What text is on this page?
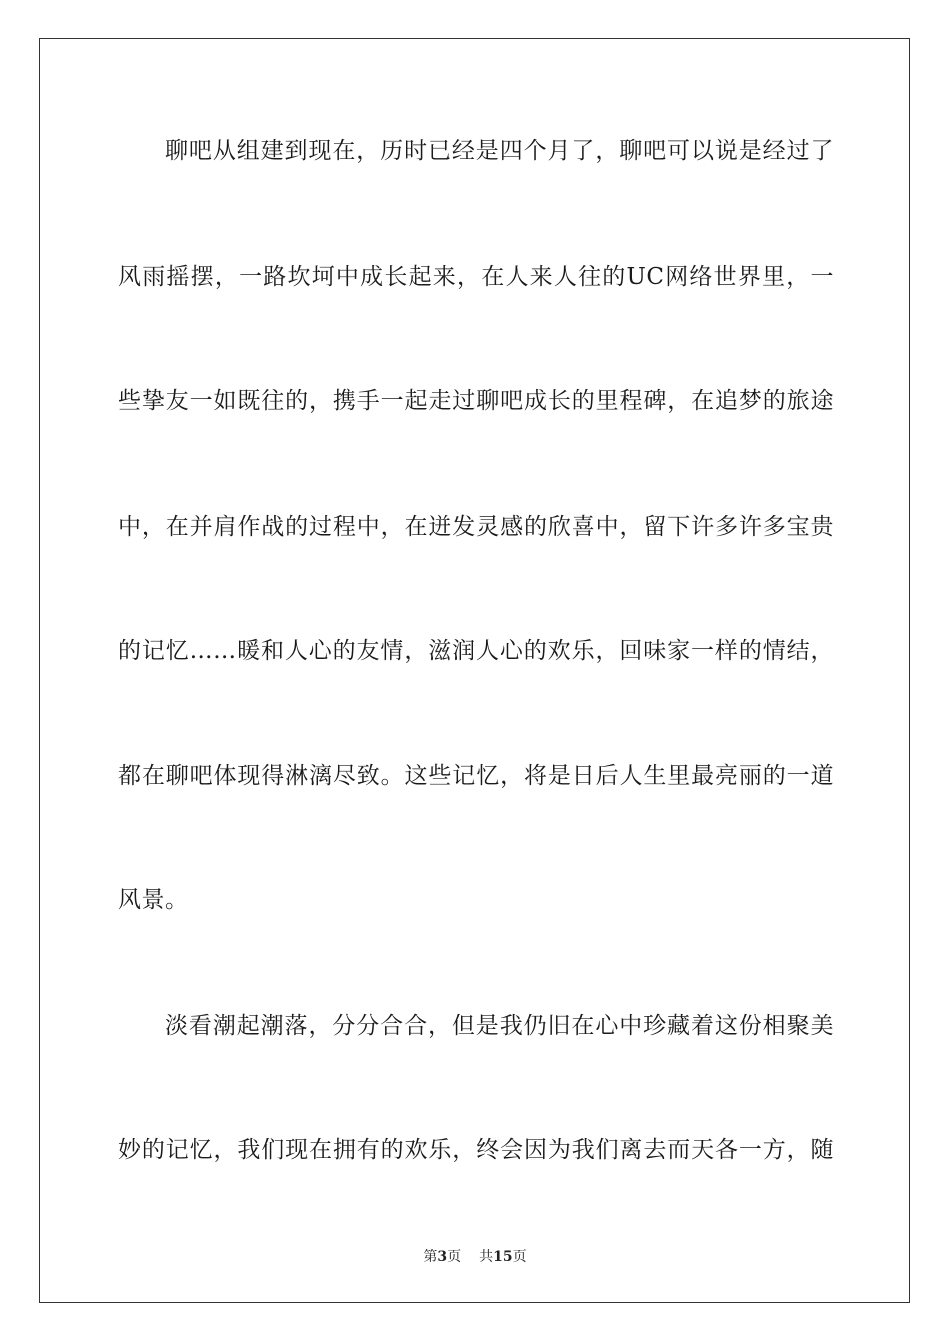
聊吧从组建到现在，历时已经是四个月了，聊吧可以说是经过了
风雨摇摆，一路坎坷中成长起来，在人来人往的UC网络世界里，一
些挚友一如既往的，携手一起走过聊吧成长的里程碑，在追梦的旅途
中，在并肩作战的过程中，在迸发灵感的欣喜中，留下许多许多宝贵
的记忆……暖和人心的友情，滋润人心的欢乐，回味家一样的情结，
都在聊吧体现得淋漓尽致。这些记忆，将是日后人生里最亮丽的一道
风景。
淡看潮起潮落，分分合合，但是我仍旧在心中珍藏着这份相聚美
妙的记忆，我们现在拥有的欢乐，终会因为我们离去而天各一方，随
第3页 共15页
